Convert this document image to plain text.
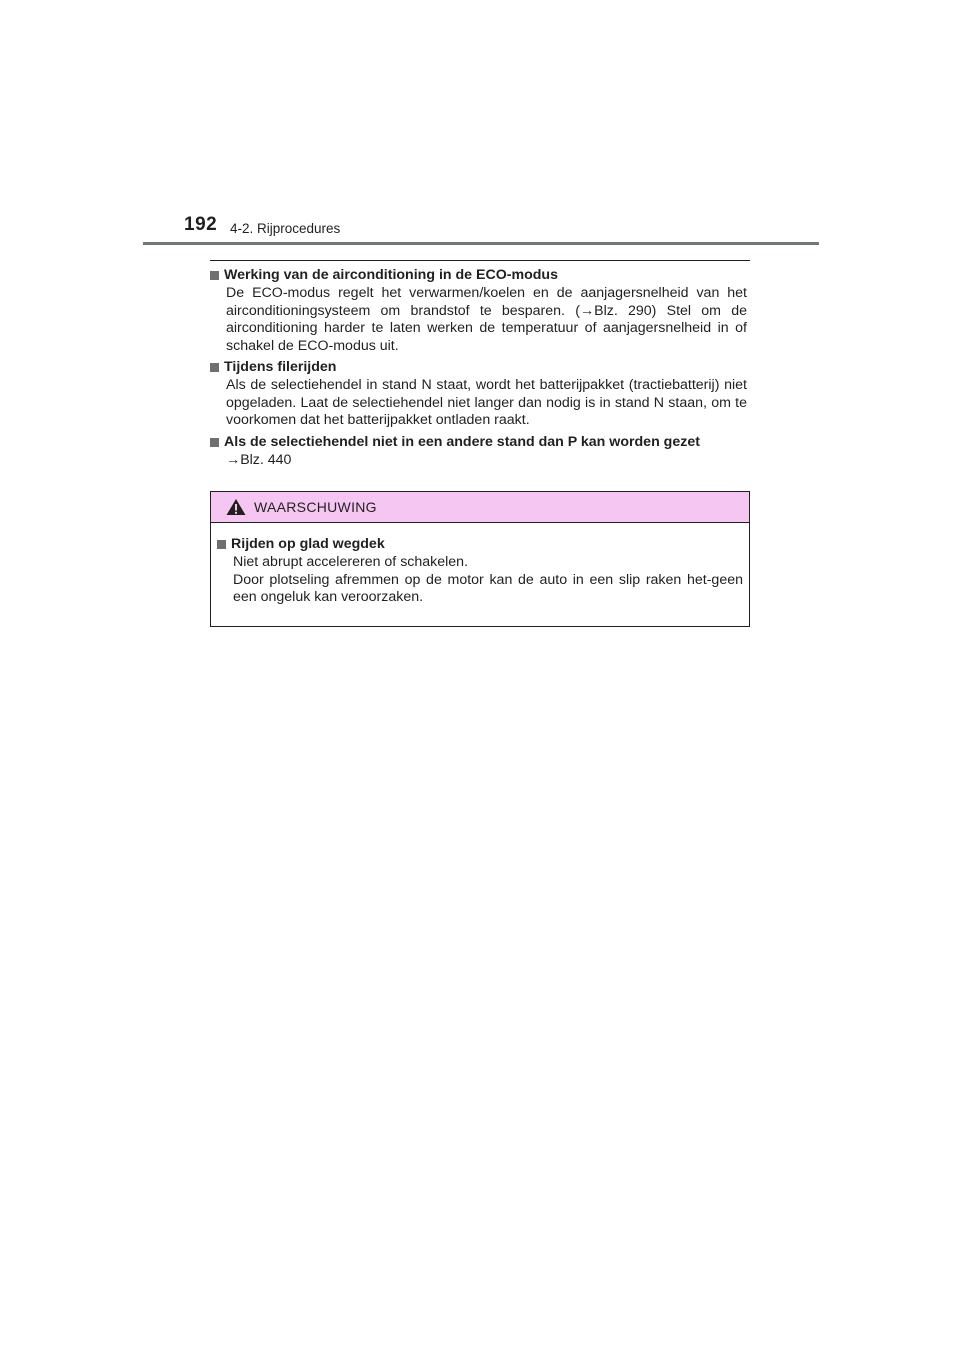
192 4-2. Rijprocedures
Werking van de airconditioning in de ECO-modus
De ECO-modus regelt het verwarmen/koelen en de aanjagersnelheid van het airconditioningsysteem om brandstof te besparen. (→Blz. 290) Stel om de airconditioning harder te laten werken de temperatuur of aanjagersnelheid in of schakel de ECO-modus uit.
Tijdens filerijden
Als de selectiehendel in stand N staat, wordt het batterijpakket (tractiebatterij) niet opgeladen. Laat de selectiehendel niet langer dan nodig is in stand N staan, om te voorkomen dat het batterijpakket ontladen raakt.
Als de selectiehendel niet in een andere stand dan P kan worden gezet
→Blz. 440
WAARSCHUWING
Rijden op glad wegdek
Niet abrupt accelereren of schakelen.
Door plotseling afremmen op de motor kan de auto in een slip raken het-geen een ongeluk kan veroorzaken.
